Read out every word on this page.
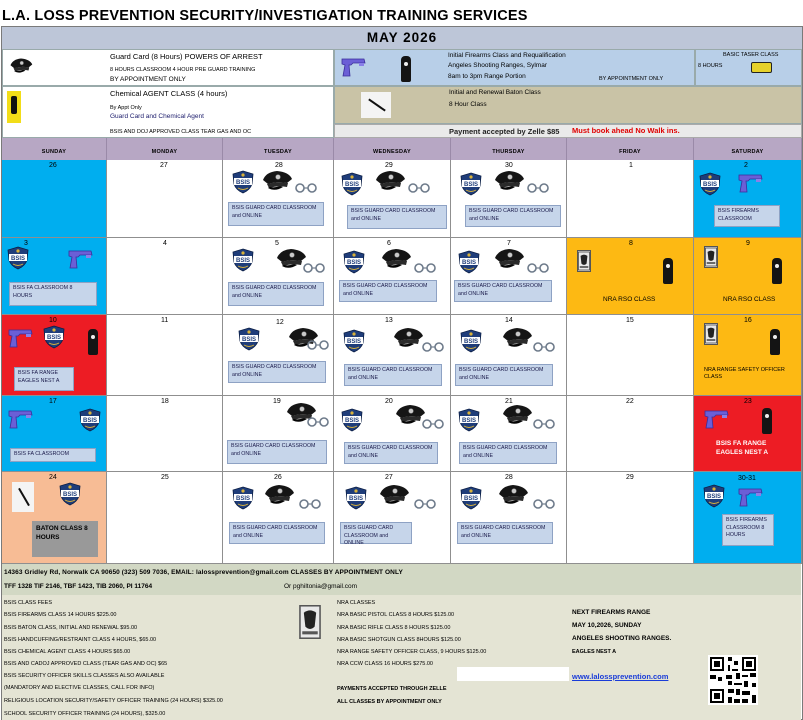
L.A. LOSS PREVENTION SECURITY/INVESTIGATION TRAINING SERVICES
MAY 2026
Guard Card (8 Hours) POWERS OF ARREST
8 HOURS CLASSROOM 4 HOUR PRE GUARD TRAINING
BY APPOINTMENT ONLY
Initial Firearms Class and Requalification
Angeles Shooting Ranges, Sylmar
8am to 3pm Range Portion	BY APPOINTMENT ONLY
BASIC TASER CLASS
8 HOURS
Chemical AGENT CLASS (4 hours)
By Appt Only
Guard Card and Chemical Agent
BSIS AND DOJ APPROVED CLASS TEAR GAS AND OC
Initial and Renewal Baton Class
8 Hour Class
Payment accepted by Zelle $85 Must book ahead No Walk ins.
SUNDAY	MONDAY	TUESDAY	WEDNESDAY	THURSDAY	FRIDAY	SATURDAY
26	27	28
BSIS GUARD CARD CLASSROOM and ONLINE
29
BSIS GUARD CARD CLASSROOM and ONLINE
30
BSIS GUARD CARD CLASSROOM and ONLINE
1	2
BSIS FIREARMS CLASSROOM
3
BSIS FA CLASSROOM 8 HOURS
4	5
BSIS GUARD CARD CLASSROOM and ONLINE
6
BSIS GUARD CARD CLASSROOM and ONLINE
7
BSIS GUARD CARD CLASSROOM and ONLINE
8
NRA RSO CLASS
9
NRA RSO CLASS
10
BSIS FA RANGE EAGLES NEST A
11	12
BSIS GUARD CARD CLASSROOM and ONLINE
13
BSIS GUARD CARD CLASSROOM and ONLINE
14
BSIS GUARD CARD CLASSROOM and ONLINE
15	16
NRA RANGE SAFETY OFFICER CLASS
17
BSIS FA CLASSROOM
18	19
BSIS GUARD CARD CLASSROOM and ONLINE
20
BSIS GUARD CARD CLASSROOM and ONLINE
21
BSIS GUARD CARD CLASSROOM and ONLINE
22	23
BSIS FA RANGE EAGLES NEST A
24
BATON CLASS 8 HOURS
25	26
BSIS GUARD CARD CLASSROOM and ONLINE
27
BSIS GUARD CARD CLASSROOM and ONLINE
28
BSIS GUARD CARD CLASSROOM and ONLINE
29	30-31
BSIS FIREARMS CLASSROOM 8 HOURS
14363 Gridley Rd, Norwalk CA 90650 (323) 509 7036, EMAIL: lalossprevention@gmail.com CLASSES BY APPOINTMENT ONLY
TFF 1328 TIF 2146, TBF 1423, TIB 2060, PI 11764	Or pghiltonia@gmail.com
BSIS CLASS FEES
BSIS FIREARMS CLASS 14 HOURS $225.00
BSIS BATON CLASS, INITIAL AND RENEWAL $95.00
BSIS HANDCUFFING/RESTRAINT CLASS 4 HOURS, $65.00
BSIS CHEMICAL AGENT CLASS 4 HOURS $65.00
BSIS AND CADOJ APPROVED CLASS (TEAR GAS AND OC) $65
BSIS SECURITY OFFICER SKILLS CLASSES ALSO AVAILABLE
(MANDATORY AND ELECTIVE CLASSES, CALL FOR INFO)
RELIGIOUS LOCATION SECURITY/SAFETY OFFICER TRAINING (24 HOURS) $325.00
SCHOOL SECURITY OFFICER TRAINING (24 HOURS), $325.00
NRA CLASSES
NRA BASIC PISTOL CLASS 8 HOURS $125.00
NRA BASIC RIFLE CLASS 8 HOURS $125.00
NRA BASIC SHOTGUN CLASS 8HOURS $125.00
NRA RANGE SAFETY OFFICER CLASS, 9 HOURS $125.00
NRA CCW CLASS 16 HOURS $275.00
PAYMENTS ACCEPTED THROUGH ZELLE
ALL CLASSES BY APPOINTMENT ONLY
NEXT FIREARMS RANGE
MAY 10,2026, SUNDAY
ANGELES SHOOTING RANGES.
EAGLES NEST A
www.lalossprevention.com
